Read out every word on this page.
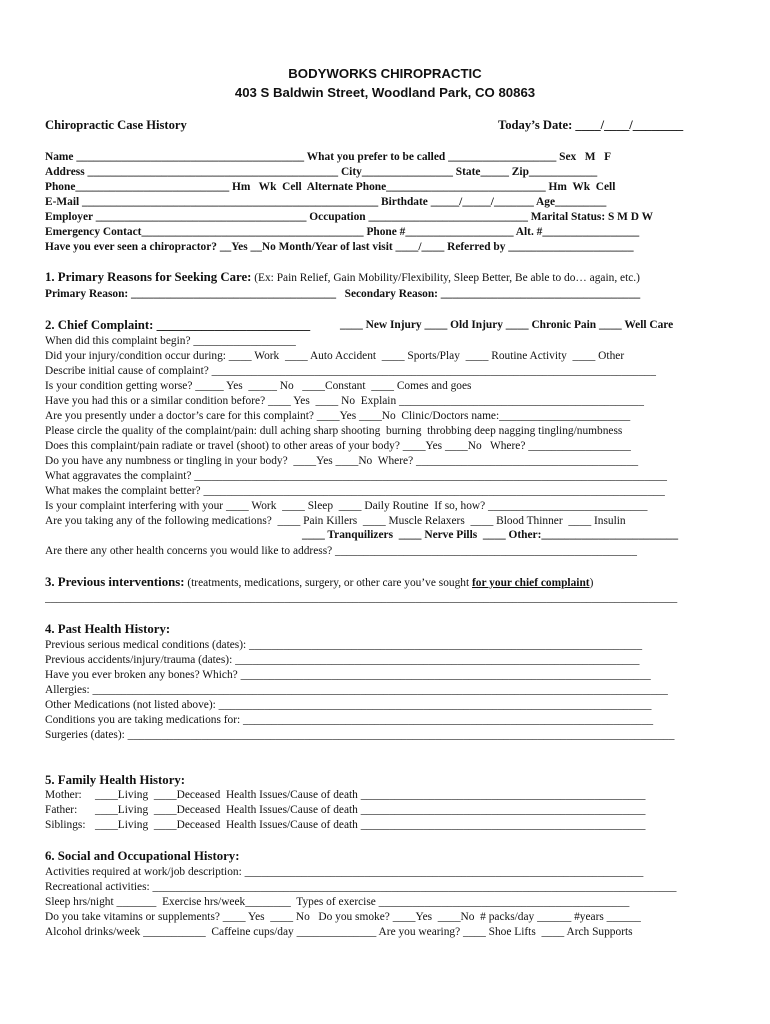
BODYWORKS CHIROPRACTIC
403 S Baldwin Street, Woodland Park, CO 80863
Chiropractic Case History	Today’s Date: ____/____/________
Name ________________________________________ What you prefer to be called ___________________ Sex   M   F
Address ____________________________________________ City________________ State_____ Zip____________
Phone___________________________ Hm   Wk  Cell  Alternate Phone____________________________ Hm  Wk  Cell
E-Mail ____________________________________________________ Birthdate _____/_____/_______ Age_________
Employer _____________________________________ Occupation ____________________________ Marital Status: S M D W
Emergency Contact_______________________________________ Phone #___________________ Alt. #_________________
Have you ever seen a chiropractor? __Yes __No Month/Year of last visit ____/____ Referred by ______________________
1. Primary Reasons for Seeking Care: (Ex: Pain Relief, Gain Mobility/Flexibility, Sleep Better, Be able to do… again, etc.)
Primary Reason: ____________________________________   Secondary Reason: ___________________________________
2. Chief Complaint: ________________________	____ New Injury ____ Old Injury ____ Chronic Pain ____ Well Care
When did this complaint begin? __________________
Did your injury/condition occur during: ____ Work  ____ Auto Accident  ____ Sports/Play  ____ Routine Activity  ____ Other
Describe initial cause of complaint? ______________________________________________________________________________
Is your condition getting worse? _____ Yes  _____ No   ____Constant  ____ Comes and goes
Have you had this or a similar condition before? ____ Yes  ____ No  Explain ___________________________________________
Are you presently under a doctor’s care for this complaint? ____Yes ____No  Clinic/Doctors name:_______________________
Please circle the quality of the complaint/pain: dull aching sharp shooting  burning  throbbing deep nagging tingling/numbness
Does this complaint/pain radiate or travel (shoot) to other areas of your body? ____Yes ____No   Where? __________________
Do you have any numbness or tingling in your body?  ____Yes ____No  Where? _______________________________________
What aggravates the complaint? ___________________________________________________________________________________
What makes the complaint better? _________________________________________________________________________________
Is your complaint interfering with your ____ Work  ____ Sleep  ____ Daily Routine  If so, how? ____________________________
Are you taking any of the following medications?  ____ Pain Killers  ____ Muscle Relaxers  ____ Blood Thinner  ____ Insulin
____ Tranquilizers  ____ Nerve Pills  ____ Other:________________________
Are there any other health concerns you would like to address? _____________________________________________________
3. Previous interventions: (treatments, medications, surgery, or other care you’ve sought for your chief complaint)
_______________________________________________________________________________________________________________
4. Past Health History:
Previous serious medical conditions (dates): _____________________________________________________________________
Previous accidents/injury/trauma (dates): _______________________________________________________________________
Have you ever broken any bones? Which? ________________________________________________________________________
Allergies: _____________________________________________________________________________________________________
Other Medications (not listed above): ____________________________________________________________________________
Conditions you are taking medications for: ________________________________________________________________________
Surgeries (dates): ________________________________________________________________________________________________
5. Family Health History:
Mother: ____Living  ____Deceased  Health Issues/Cause of death __________________________________________________
Father: ____Living  ____Deceased  Health Issues/Cause of death __________________________________________________
Siblings: ____Living  ____Deceased  Health Issues/Cause of death __________________________________________________
6. Social and Occupational History:
Activities required at work/job description: ______________________________________________________________________
Recreational activities: ____________________________________________________________________________________________
Sleep hrs/night _______  Exercise hrs/week________  Types of exercise ____________________________________________
Do you take vitamins or supplements? ____ Yes  ____ No   Do you smoke? ____Yes  ____No  # packs/day ______ #years ______
Alcohol drinks/week ___________  Caffeine cups/day ______________ Are you wearing? ____ Shoe Lifts  ____ Arch Supports
